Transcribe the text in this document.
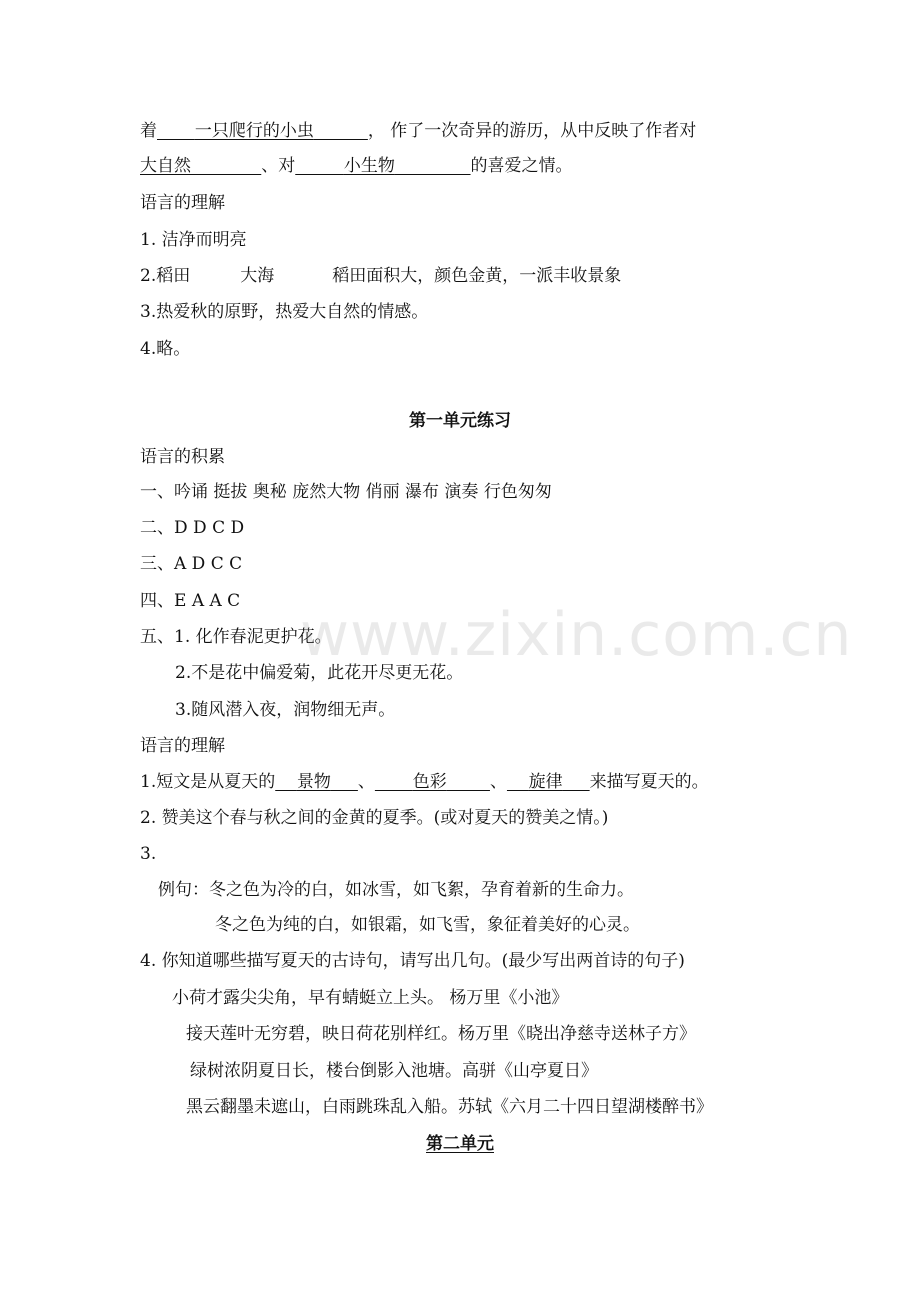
着 一只爬行的小虫	， 作了一次奇异的游历，从中反映了作者对
大自然	、对	小生物	的喜爱之情。
语言的理解
1. 洁净而明亮
2.稻田	大海	稻田面积大，颜色金黄，一派丰收景象
3.热爱秋的原野，热爱大自然的情感。
4.略。
第一单元练习
语言的积累
一、吟诵 挺拔 奥秘 庞然大物 俏丽 瀑布 演奏 行色匆匆
二、D D C D
三、A D C C
四、E A A C
五、1. 化作春泥更护花。
2.不是花中偏爱菊，此花开尽更无花。
3.随风潜入夜，润物细无声。
语言的理解
1.短文是从夏天的 景物 、 色彩	、 旋律 来描写夏天的。
2. 赞美这个春与秋之间的金黄的夏季。(或对夏天的赞美之情。)
3.
例句：冬之色为冷的白，如冰雪，如飞絮，孕育着新的生命力。
冬之色为纯的白，如银霜，如飞雪，象征着美好的心灵。
4. 你知道哪些描写夏天的古诗句，请写出几句。(最少写出两首诗的句子)
小荷才露尖尖角，早有蜻蜓立上头。 杨万里《小池》
接天莲叶无穷碧，映日荷花别样红。杨万里《晓出净慈寺送林子方》
绿树浓阴夏日长，楼台倒影入池塘。高骈《山亭夏日》
黑云翻墨未遮山，白雨跳珠乱入船。苏轼《六月二十四日望湖楼醉书》
第二单元
www.zixin.com.cn
